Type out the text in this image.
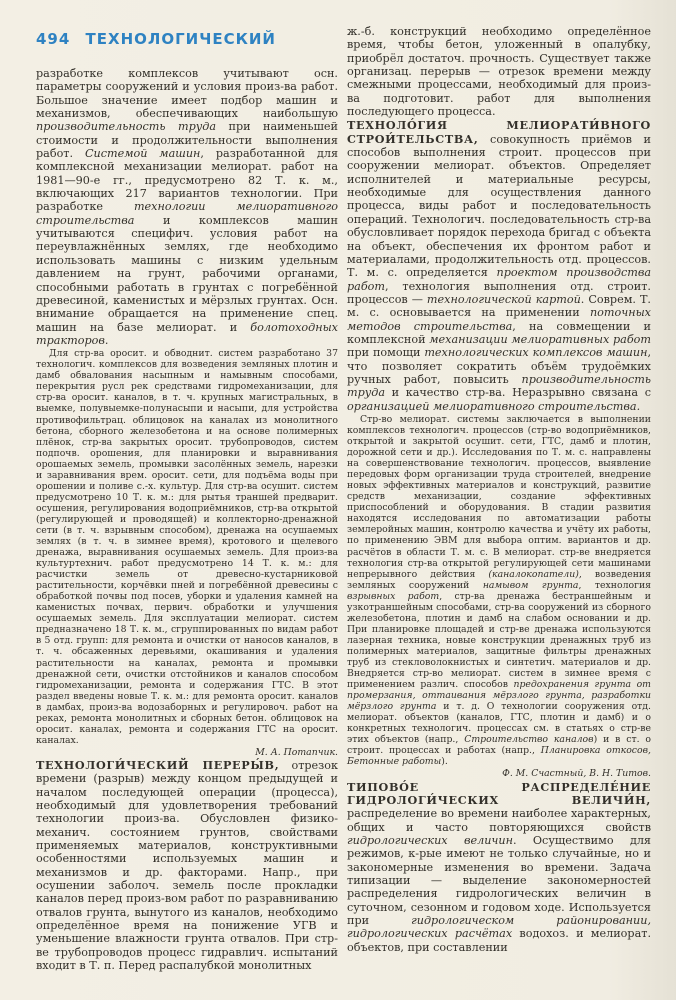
494 ТЕХНОЛОГИЧЕСКИЙ

разработке комплексов учитывают осн. параметры сооружений и условия произ-ва работ. Большое значение имеет подбор машин и механизмов, обеспечивающих наибольшую производительность труда при наименьшей стоимости и продолжительности выполнения работ. Системой машин, разработанной для комплексной механизации мелиорат. работ на 1981—90-е гг., предусмотрено 82 Т. к. м., включающих 217 вариантов технологии. При разработке технологии мелиоративного строительства и комплексов машин учитываются специфич. условия работ на переувлажнённых землях, где необходимо использовать машины с низким удельным давлением на грунт, рабочими органами, способными работать в грунтах с погребённой древесиной, каменистых и мёрзлых грунтах. Осн. внимание обращается на применение спец. машин на базе мелиорат. и болотоходных тракторов.

Для стр-ва оросит. и обводнит. систем разработано 37 технологич. комплексов для возведения земляных плотин и дамб обвалования насыпным и намывным способами, перекрытия русл рек средствами гидромеханизации, для стр-ва оросит. каналов, в т. ч. крупных магистральных, в выемке, полувыемке-полунасыпи и насыпи, для устройства противофильтрац. облицовок на каналах из монолитного бетона, сборного железобетона и на основе полимерных плёнок, стр-ва закрытых оросит. трубопроводов, систем подпочв. орошения, для планировки и выравнивания орошаемых земель, промывки засолённых земель, нарезки и заравнивания врем. оросит. сети, для подъёма воды при орошении и поливе с.-х. культур. Для стр-ва осушит. систем предусмотрено 10 Т. к. м.: для рытья траншей предварит. осушения, регулирования водоприёмников, стр-ва открытой (регулирующей и проводящей) и коллекторно-дренажной сети (в т. ч. взрывным способом), дренажа на осушаемых землях (в т. ч. в зимнее время), кротового и щелевого дренажа, выравнивания осушаемых земель. Для произ-ва культуртехнич. работ предусмотрено 14 Т. к. м.: для расчистки земель от древесно-кустарниковой растительности, корчёвки пней и погребённой древесины с обработкой почвы под посев, уборки и удаления камней на каменистых почвах, первич. обработки и улучшения осушаемых земель. Для эксплуатации мелиорат. систем предназначено 18 Т. к. м., сгруппированных по видам работ в 5 отд. групп: для ремонта и очистки от наносов каналов, в т. ч. обсаженных деревьями, окашивания и удаления растительности на каналах, ремонта и промывки дренажной сети, очистки отстойников и каналов способом гидромеханизации, ремонта и содержания ГТС. В этот раздел введены новые Т. к. м.: для ремонта оросит. каналов в дамбах, произ-ва водозаборных и регулировоч. работ на реках, ремонта монолитных и сборных бетон. облицовок на оросит. каналах, ремонта и содержания ГТС на оросит. каналах.

М. А. Потапчик.

ТЕХНОЛОГИ́ЧЕСКИЙ ПЕРЕРЫ́В, отрезок времени (разрыв) между концом предыдущей и началом последующей операции (процесса), необходимый для удовлетворения требований технологии произ-ва. Обусловлен физико-механич. состоянием грунтов, свойствами применяемых материалов, конструктивными особенностями используемых машин и механизмов и др. факторами. Напр., при осушении заболоч. земель после прокладки каналов перед произ-вом работ по разравниванию отвалов грунта, вынутого из каналов, необходимо определённое время на понижение УГВ и уменьшение влажности грунта отвалов. При стр-ве трубопроводов процесс гидравлич. испытаний входит в Т. п. Перед распалубкой монолитных

ж.-б. конструкций необходимо определённое время, чтобы бетон, уложенный в опалубку, приобрёл достаточ. прочность. Существует также организац. перерыв — отрезок времени между смежными процессами, необходимый для произ-ва подготовит. работ для выполнения последующего процесса.

ТЕХНОЛО́ГИЯ МЕЛИОРАТИ́ВНОГО СТРОИ́ТЕЛЬСТВА, совокупность приёмов и способов выполнения строит. процессов при сооружении мелиорат. объектов. Определяет исполнителей и материальные ресурсы, необходимые для осуществления данного процесса, виды работ и последовательность операций. Технологич. последовательность стр-ва обусловливает порядок перехода бригад с объекта на объект, обеспечения их фронтом работ и материалами, продолжительность отд. процессов. Т. м. с. определяется проектом производства работ, технология выполнения отд. строит. процессов — технологической картой. Соврем. Т. м. с. основывается на применении поточных методов строительства, на совмещении и комплексной механизации мелиоративных работ при помощи технологических комплексов машин, что позволяет сократить объём трудоёмких ручных работ, повысить производительность труда и качество стр-ва. Неразрывно связана с организацией мелиоративного строительства.

Стр-во мелиорат. системы заключается в выполнении комплексов технологич. процессов (стр-во водоприёмников, открытой и закрытой осушит. сети, ГТС, дамб и плотин, дорожной сети и др.). Исследования по Т. м. с. направлены на совершенствование технологич. процессов, выявление передовых форм организации труда строителей, внедрение новых эффективных материалов и конструкций, развитие средств механизации, создание эффективных приспособлений и оборудования. В стадии развития находятся исследования по автоматизации работы землеройных машин, контролю качества и учёту их работы, по применению ЭВМ для выбора оптим. вариантов и др. расчётов в области Т. м. с. В мелиорат. стр-ве внедряется технология стр-ва открытой регулирующей сети машинами непрерывного действия (каналокопатели), возведения земляных сооружений намывом грунта, технология взрывных работ, стр-ва дренажа бестраншейным и узкотраншейным способами, стр-ва сооружений из сборного железобетона, плотин и дамб на слабом основании и др. При планировке площадей и стр-ве дренажа используются лазерная техника, новые конструкции дренажных труб из полимерных материалов, защитные фильтры дренажных труб из стекловолокнистых и синтетич. материалов и др. Внедряется стр-во мелиорат. систем в зимнее время с применением различ. способов предохранения грунта от промерзания, оттаивания мёрзлого грунта, разработки мёрзлого грунта и т. д. О технологии сооружения отд. мелиорат. объектов (каналов, ГТС, плотин и дамб) и о конкретных технологич. процессах см. в статьях о стр-ве этих объектов (напр., Строительство каналов) и в ст. о строит. процессах и работах (напр., Планировка откосов, Бетонные работы).

Ф. М. Счастный, В. Н. Титов.

ТИПОВО́Е РАСПРЕДЕЛЕ́НИЕ ГИДРОЛОГИ́ЧЕСКИХ ВЕЛИЧИ́Н, распределение во времени наиболее характерных, общих и часто повторяющихся свойств гидрологических величин. Осуществимо для режимов, к-рые имеют не только случайные, но и закономерные изменения во времени. Задача типизации — выделение закономерностей распределения гидрологических величин в суточном, сезонном и годовом ходе. Используется при гидрологическом районировании, гидрологических расчётах водохоз. и мелиорат. объектов, при составлении
